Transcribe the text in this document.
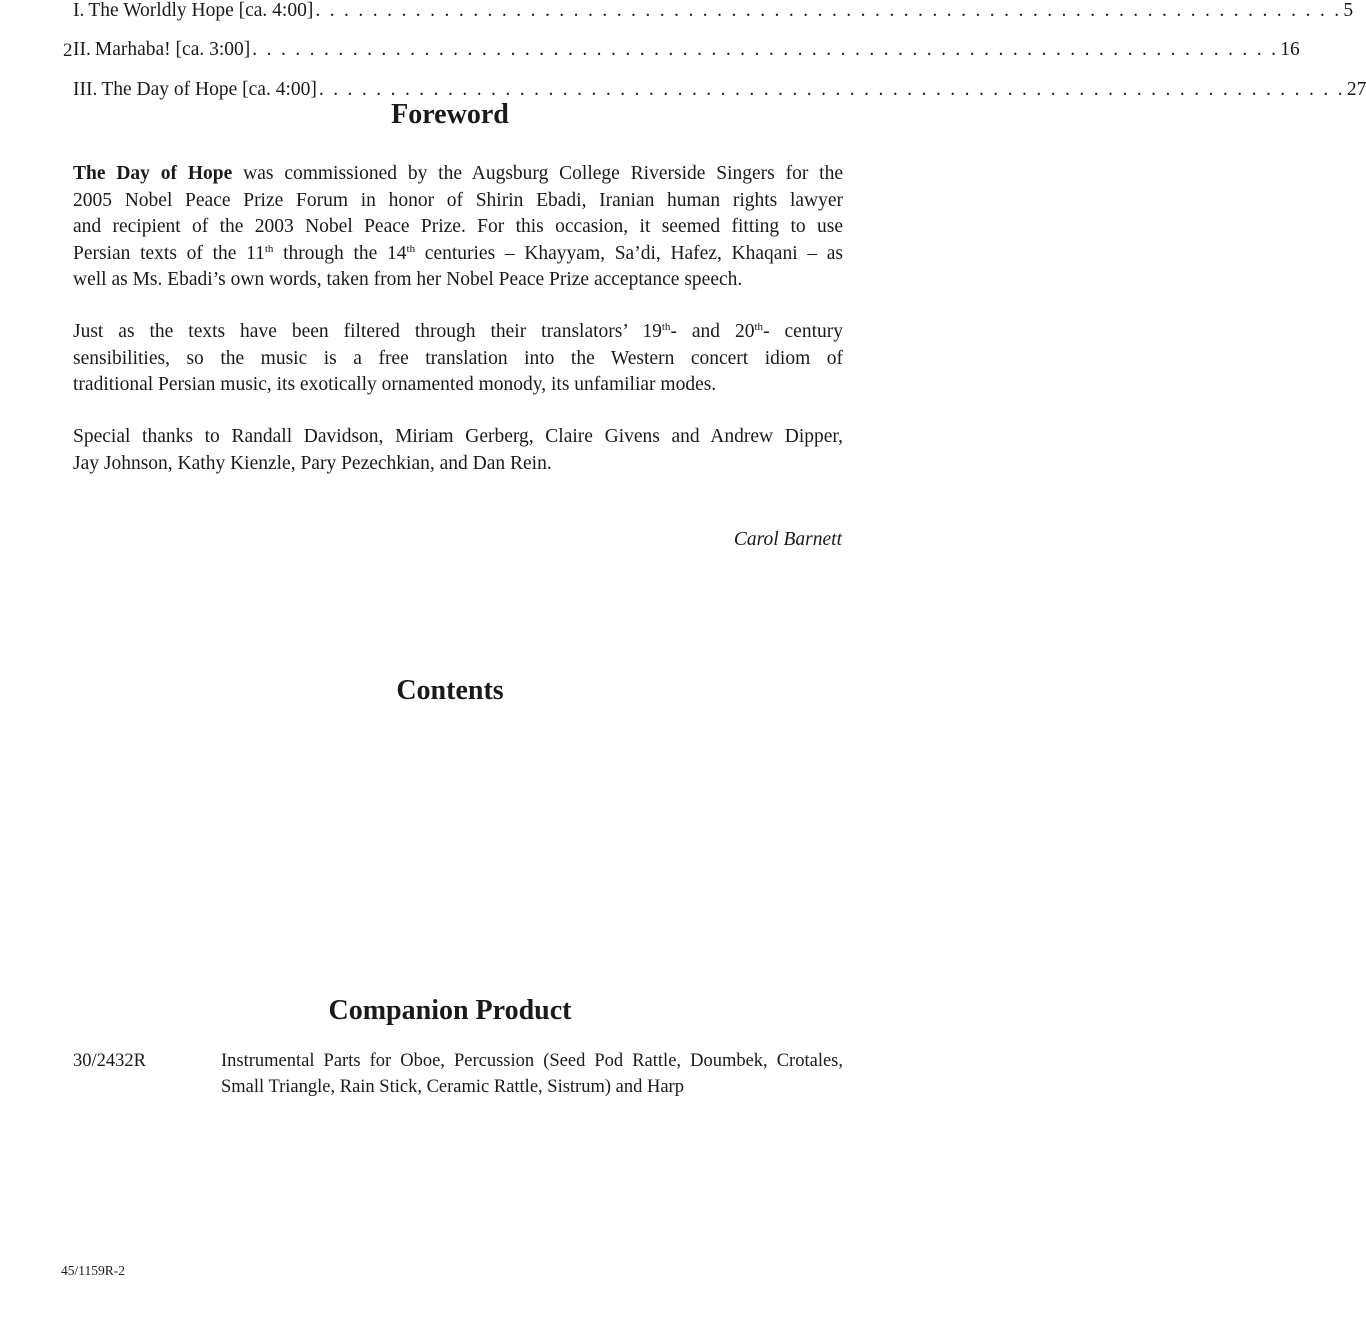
2
Foreword
The Day of Hope was commissioned by the Augsburg College Riverside Singers for the
2005 Nobel Peace Prize Forum in honor of Shirin Ebadi, Iranian human rights lawyer
and recipient of the 2003 Nobel Peace Prize. For this occasion, it seemed fitting to use
Persian texts of the 11th through the 14th centuries – Khayyam, Sa’di, Hafez, Khaqani – as
well as Ms. Ebadi’s own words, taken from her Nobel Peace Prize acceptance speech.
Just as the texts have been filtered through their translators’ 19th- and 20th- century
sensibilities, so the music is a free translation into the Western concert idiom of
traditional Persian music, its exotically ornamented monody, its unfamiliar modes.
Special thanks to Randall Davidson, Miriam Gerberg, Claire Givens and Andrew Dipper,
Jay Johnson, Kathy Kienzle, Pary Pezechkian, and Dan Rein.
Carol Barnett
Contents
I. The Worldly Hope [ca. 4:00] . . . . . . . . . . . . . . . . . . . . . . . . . . . . . . . . . . . . . . . . . . . . . . . . . . . . . . . . . . . . . . . . . . . . . . . . 5
II. Marhaba! [ca. 3:00] . . . . . . . . . . . . . . . . . . . . . . . . . . . . . . . . . . . . . . . . . . . . . . . . . . . . . . . . . . . . . . . . . . . . . . . . 16
III. The Day of Hope [ca. 4:00] . . . . . . . . . . . . . . . . . . . . . . . . . . . . . . . . . . . . . . . . . . . . . . . . . . . . . . . . . . . . . . . . . . . . . . . . 27
Companion Product
30/2432R	Instrumental Parts for Oboe, Percussion (Seed Pod Rattle, Doumbek, Crotales,
Small Triangle, Rain Stick, Ceramic Rattle, Sistrum) and Harp
45/1159R-2
